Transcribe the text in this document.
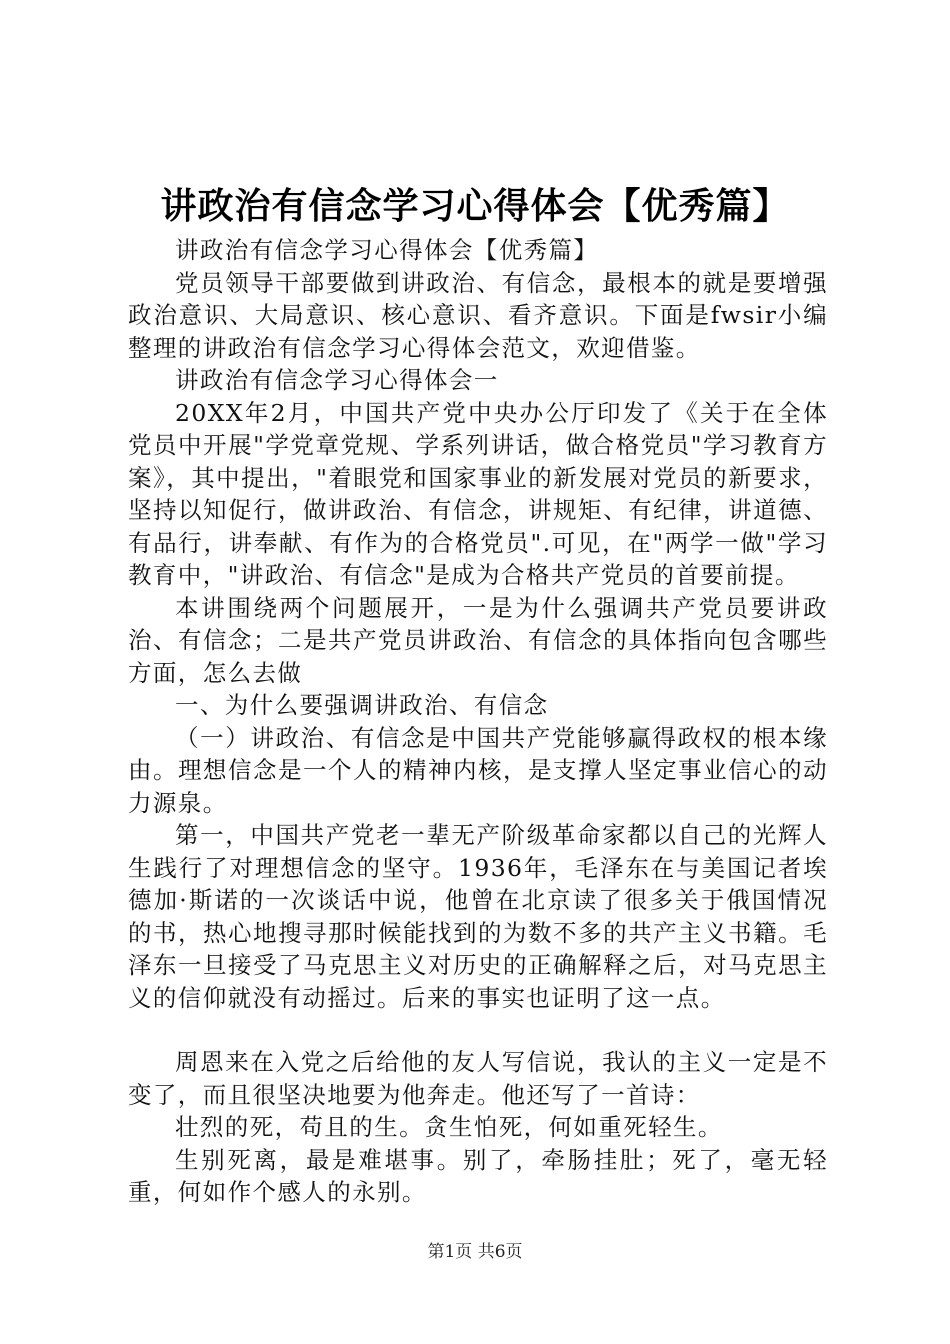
讲政治有信念学习心得体会【优秀篇】

讲政治有信念学习心得体会【优秀篇】

党员领导干部要做到讲政治、有信念，最根本的就是要增强政治意识、大局意识、核心意识、看齐意识。下面是fwsir小编整理的讲政治有信念学习心得体会范文，欢迎借鉴。

讲政治有信念学习心得体会一

20XX年2月，中国共产党中央办公厅印发了《关于在全体党员中开展"学党章党规、学系列讲话，做合格党员"学习教育方案》，其中提出，"着眼党和国家事业的新发展对党员的新要求，坚持以知促行，做讲政治、有信念，讲规矩、有纪律，讲道德、有品行，讲奉献、有作为的合格党员".可见，在"两学一做"学习教育中，"讲政治、有信念"是成为合格共产党员的首要前提。

本讲围绕两个问题展开，一是为什么强调共产党员要讲政治、有信念；二是共产党员讲政治、有信念的具体指向包含哪些方面，怎么去做

一、为什么要强调讲政治、有信念

（一）讲政治、有信念是中国共产党能够赢得政权的根本缘由。理想信念是一个人的精神内核，是支撑人坚定事业信心的动力源泉。

第一，中国共产党老一辈无产阶级革命家都以自己的光辉人生践行了对理想信念的坚守。1936年，毛泽东在与美国记者埃德加·斯诺的一次谈话中说，他曾在北京读了很多关于俄国情况的书，热心地搜寻那时候能找到的为数不多的共产主义书籍。毛泽东一旦接受了马克思主义对历史的正确解释之后，对马克思主义的信仰就没有动摇过。后来的事实也证明了这一点。

周恩来在入党之后给他的友人写信说，我认的主义一定是不变了，而且很坚决地要为他奔走。他还写了一首诗：

壮烈的死，苟且的生。贪生怕死，何如重死轻生。

生别死离，最是难堪事。别了，牵肠挂肚；死了，毫无轻重，何如作个感人的永别。

第1页 共6页
